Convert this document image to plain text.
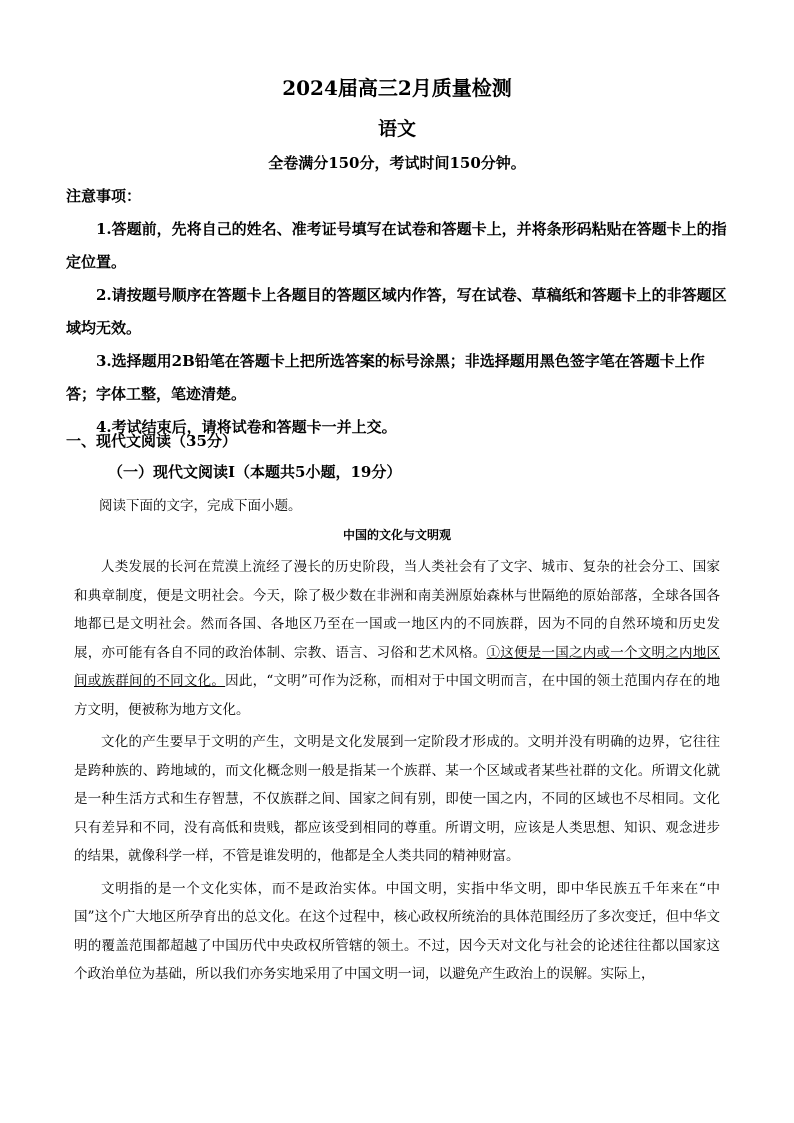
2024届高三2月质量检测
语文
全卷满分150分，考试时间150分钟。

注意事项：

1.答题前，先将自己的姓名、准考证号填写在试卷和答题卡上，并将条形码粘贴在答题卡上的指定位置。

2.请按题号顺序在答题卡上各题目的答题区域内作答，写在试卷、草稿纸和答题卡上的非答题区域均无效。

3.选择题用2B铅笔在答题卡上把所选答案的标号涂黑；非选择题用黑色签字笔在答题卡上作答；字体工整，笔迹清楚。

4.考试结束后，请将试卷和答题卡一并上交。

一、现代文阅读（35分）
（一）现代文阅读Ⅰ（本题共5小题，19分）
阅读下面的文字，完成下面小题。
中国的文化与文明观

人类发展的长河在荒漠上流经了漫长的历史阶段，当人类社会有了文字、城市、复杂的社会分工、国家和典章制度，便是文明社会。今天，除了极少数在非洲和南美洲原始森林与世隔绝的原始部落，全球各国各地都已是文明社会。然而各国、各地区乃至在一国或一地区内的不同族群，因为不同的自然环境和历史发展，亦可能有各自不同的政治体制、宗教、语言、习俗和艺术风格。①这便是一国之内或一个文明之内地区间或族群间的不同文化。因此，“文明”可作为泛称，而相对于中国文明而言，在中国的领土范围内存在的地方文明，便被称为地方文化。

文化的产生要早于文明的产生，文明是文化发展到一定阶段才形成的。文明并没有明确的边界，它往往是跨种族的、跨地域的，而文化概念则一般是指某一个族群、某一个区域或者某些社群的文化。所谓文化就是一种生活方式和生存智慧，不仅族群之间、国家之间有别，即使一国之内，不同的区域也不尽相同。文化只有差异和不同，没有高低和贵贱，都应该受到相同的尊重。所谓文明，应该是人类思想、知识、观念进步的结果，就像科学一样，不管是谁发明的，他都是全人类共同的精神财富。

文明指的是一个文化实体，而不是政治实体。中国文明，实指中华文明，即中华民族五千年来在“中国”这个广大地区所孕育出的总文化。在这个过程中，核心政权所统治的具体范围经历了多次变迁，但中华文明的覆盖范围都超越了中国历代中央政权所管辖的领土。不过，因今天对文化与社会的论述往往都以国家这个政治单位为基础，所以我们亦务实地采用了中国文明一词，以避免产生政治上的误解。实际上，
